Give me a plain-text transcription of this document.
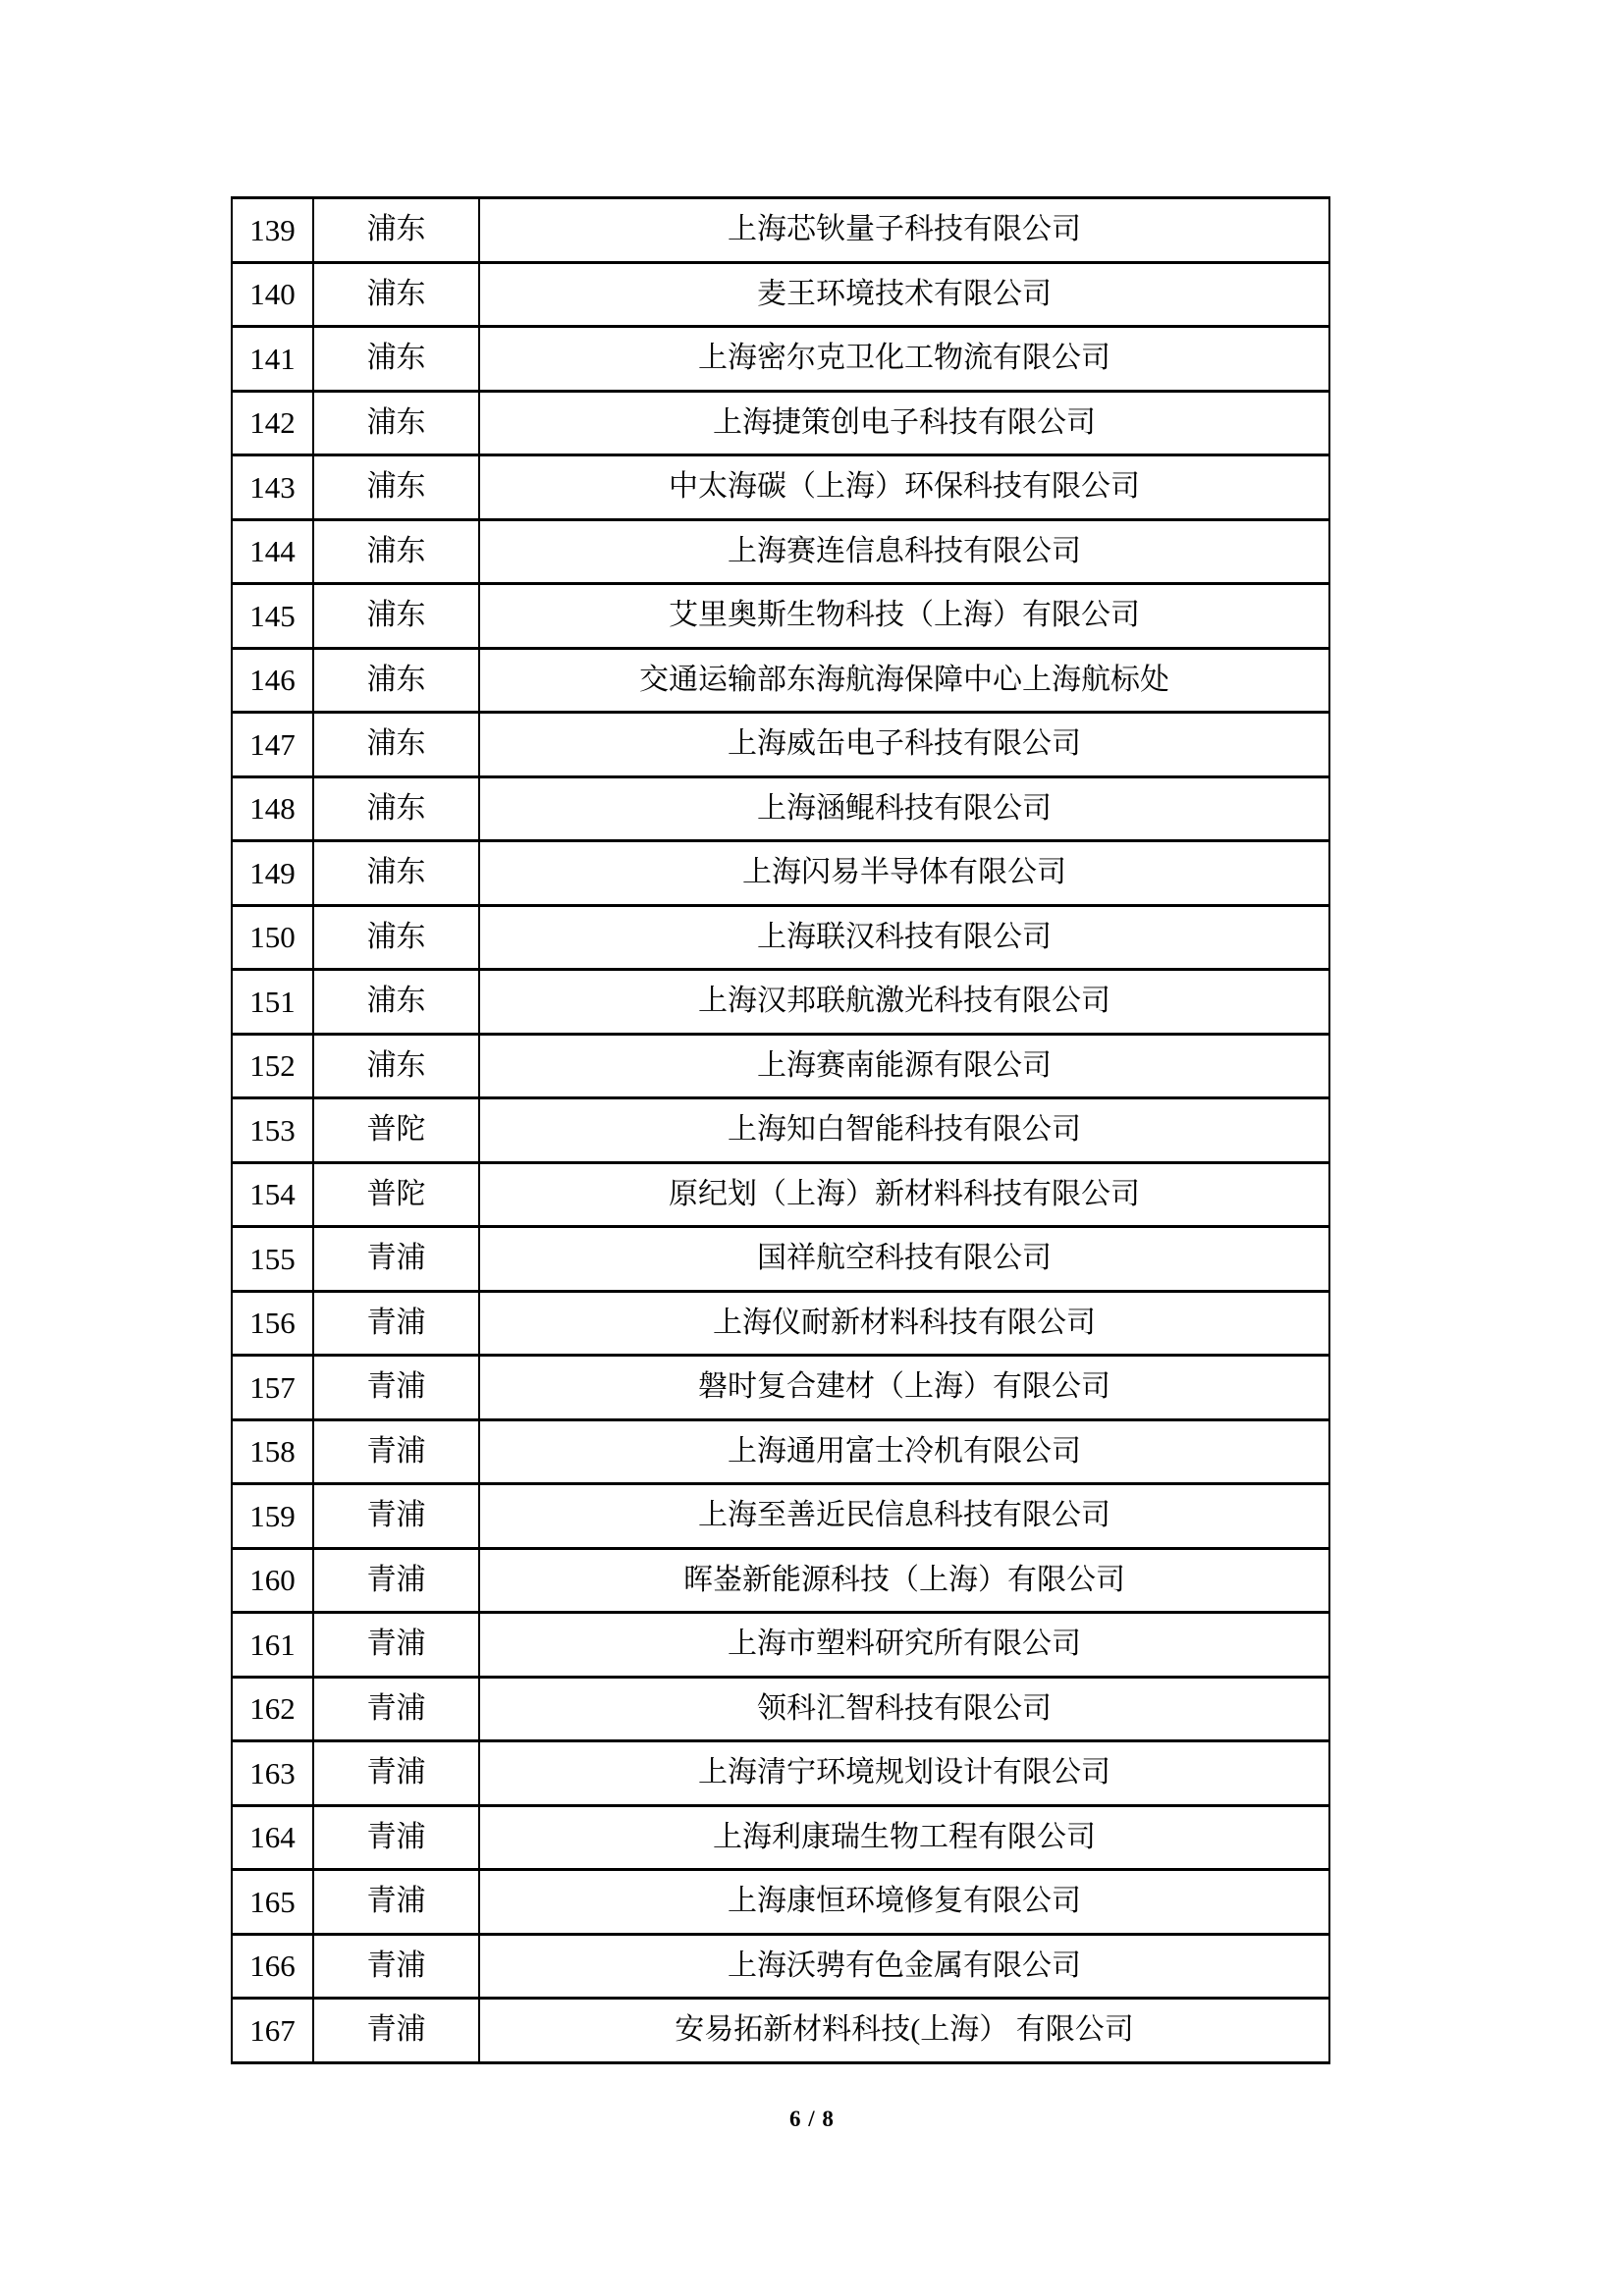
139	浦东	上海芯钬量子科技有限公司
140	浦东	麦王环境技术有限公司
141	浦东	上海密尔克卫化工物流有限公司
142	浦东	上海捷策创电子科技有限公司
143	浦东	中太海碳（上海）环保科技有限公司
144	浦东	上海赛连信息科技有限公司
145	浦东	艾里奥斯生物科技（上海）有限公司
146	浦东	交通运输部东海航海保障中心上海航标处
147	浦东	上海威缶电子科技有限公司
148	浦东	上海涵鲲科技有限公司
149	浦东	上海闪易半导体有限公司
150	浦东	上海联汉科技有限公司
151	浦东	上海汉邦联航激光科技有限公司
152	浦东	上海赛南能源有限公司
153	普陀	上海知白智能科技有限公司
154	普陀	原纪划（上海）新材料科技有限公司
155	青浦	国祥航空科技有限公司
156	青浦	上海仪耐新材料科技有限公司
157	青浦	磐时复合建材（上海）有限公司
158	青浦	上海通用富士冷机有限公司
159	青浦	上海至善近民信息科技有限公司
160	青浦	晖崟新能源科技（上海）有限公司
161	青浦	上海市塑料研究所有限公司
162	青浦	领科汇智科技有限公司
163	青浦	上海清宁环境规划设计有限公司
164	青浦	上海利康瑞生物工程有限公司
165	青浦	上海康恒环境修复有限公司
166	青浦	上海沃骋有色金属有限公司
167	青浦	安易拓新材料科技(上海） 有限公司
6 / 8
